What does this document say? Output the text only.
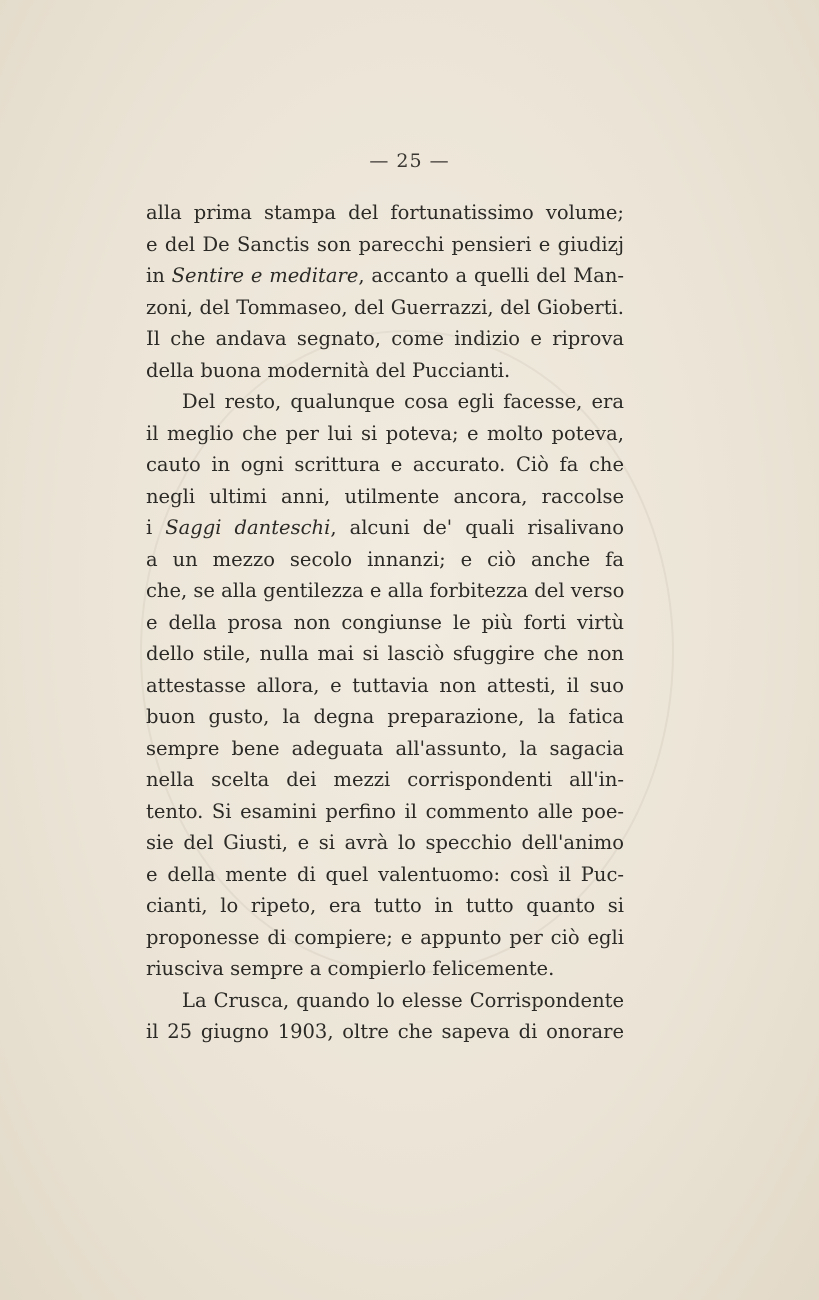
— 25 —
alla prima stampa del fortunatissimo volume;
e del De Sanctis son parecchi pensieri e giudizj
in Sentire e meditare, accanto a quelli del Man-
zoni, del Tommaseo, del Guerrazzi, del Gioberti.
Il che andava segnato, come indizio e riprova
della buona modernità del Puccianti.
Del resto, qualunque cosa egli facesse, era
il meglio che per lui si poteva; e molto poteva,
cauto in ogni scrittura e accurato. Ciò fa che
negli ultimi anni, utilmente ancora, raccolse
i Saggi danteschi, alcuni de' quali risalivano
a un mezzo secolo innanzi; e ciò anche fa
che, se alla gentilezza e alla forbitezza del verso
e della prosa non congiunse le più forti virtù
dello stile, nulla mai si lasciò sfuggire che non
attestasse allora, e tuttavia non attesti, il suo
buon gusto, la degna preparazione, la fatica
sempre bene adeguata all'assunto, la sagacia
nella scelta dei mezzi corrispondenti all'in-
tento. Si esamini perfino il commento alle poe-
sie del Giusti, e si avrà lo specchio dell'animo
e della mente di quel valentuomo: così il Puc-
cianti, lo ripeto, era tutto in tutto quanto si
proponesse di compiere; e appunto per ciò egli
riusciva sempre a compierlo felicemente.
La Crusca, quando lo elesse Corrispondente
il 25 giugno 1903, oltre che sapeva di onorare
